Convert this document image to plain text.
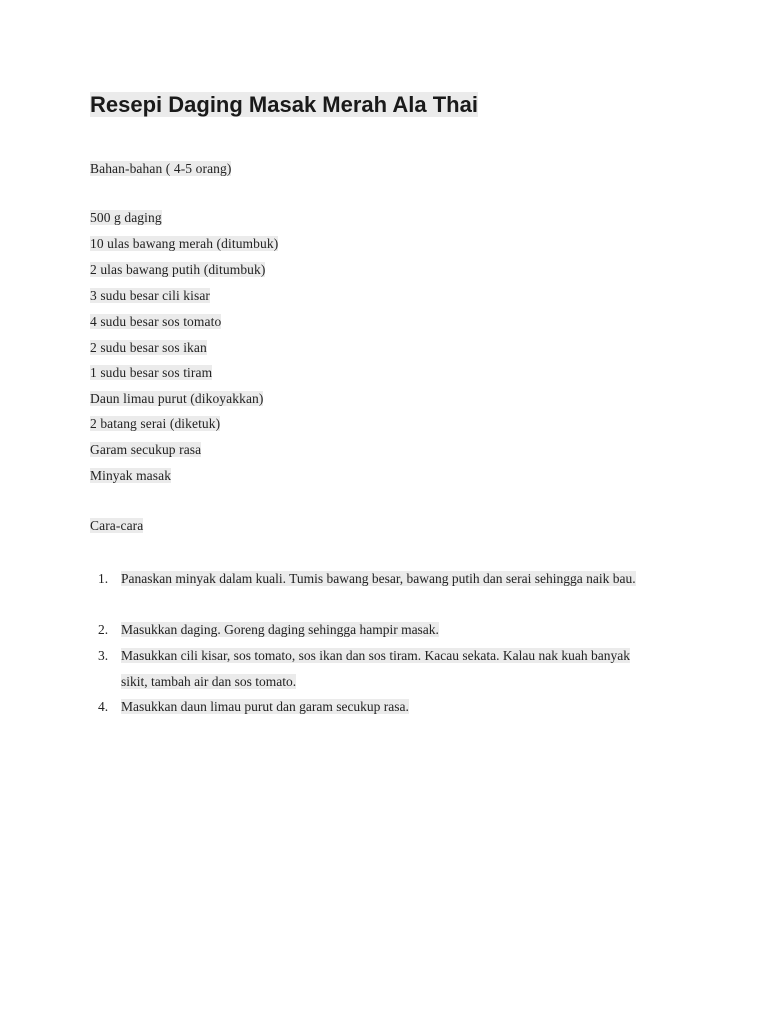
Resepi Daging Masak Merah Ala Thai
Bahan-bahan ( 4-5 orang)
500 g daging
10 ulas bawang merah (ditumbuk)
2 ulas bawang putih (ditumbuk)
3 sudu besar cili kisar
4 sudu besar sos tomato
2 sudu besar sos ikan
1 sudu besar sos tiram
Daun limau purut (dikoyakkan)
2 batang serai (diketuk)
Garam secukup rasa
Minyak masak
Cara-cara
1. Panaskan minyak dalam kuali. Tumis bawang besar, bawang putih dan serai sehingga naik bau.
2. Masukkan daging. Goreng daging sehingga hampir masak.
3. Masukkan cili kisar, sos tomato, sos ikan dan sos tiram. Kacau sekata. Kalau nak kuah banyak sikit, tambah air dan sos tomato.
4. Masukkan daun limau purut dan garam secukup rasa.
